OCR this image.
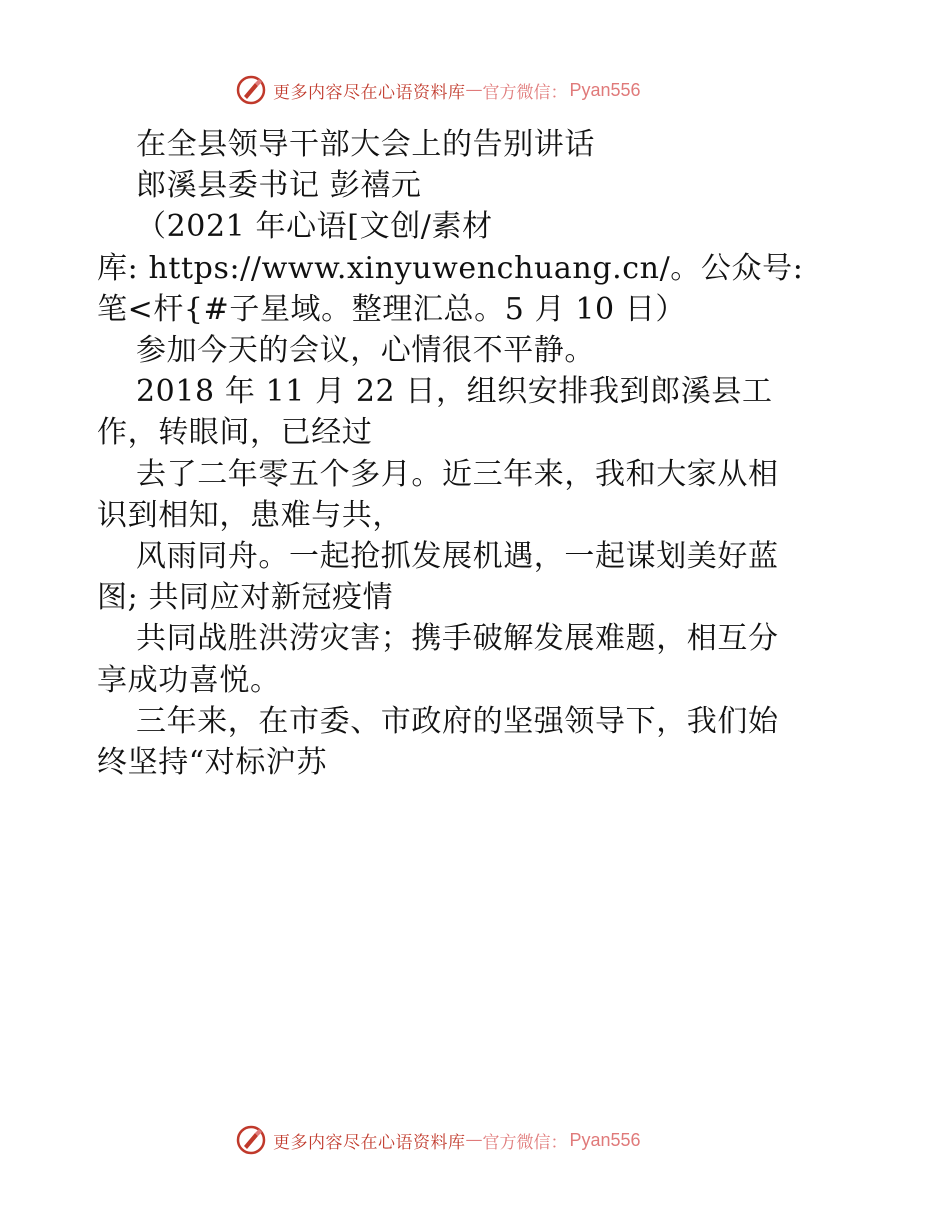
更多内容尽在心语资料库 — 官方微信： Pyan556
在全县领导干部大会上的告别讲话
郎溪县委书记 彭禧元
（2021 年心语[文创/素材
库: https://www.xinyuwenchuang.cn/。公众号:
笔<杆{#子星域。整理汇总。5 月 10 日）
参加今天的会议，心情很不平静。
2018 年 11 月 22 日，组织安排我到郎溪县工
作，转眼间，已经过
去了二年零五个多月。近三年来，我和大家从相
识到相知，患难与共，
风雨同舟。一起抢抓发展机遇，一起谋划美好蓝
图; 共同应对新冠疫情
共同战胜洪涝灾害；携手破解发展难题，相互分
享成功喜悦。
三年来，在市委、市政府的坚强领导下，我们始
终坚持“对标沪苏
更多内容尽在心语资料库 — 官方微信： Pyan556
